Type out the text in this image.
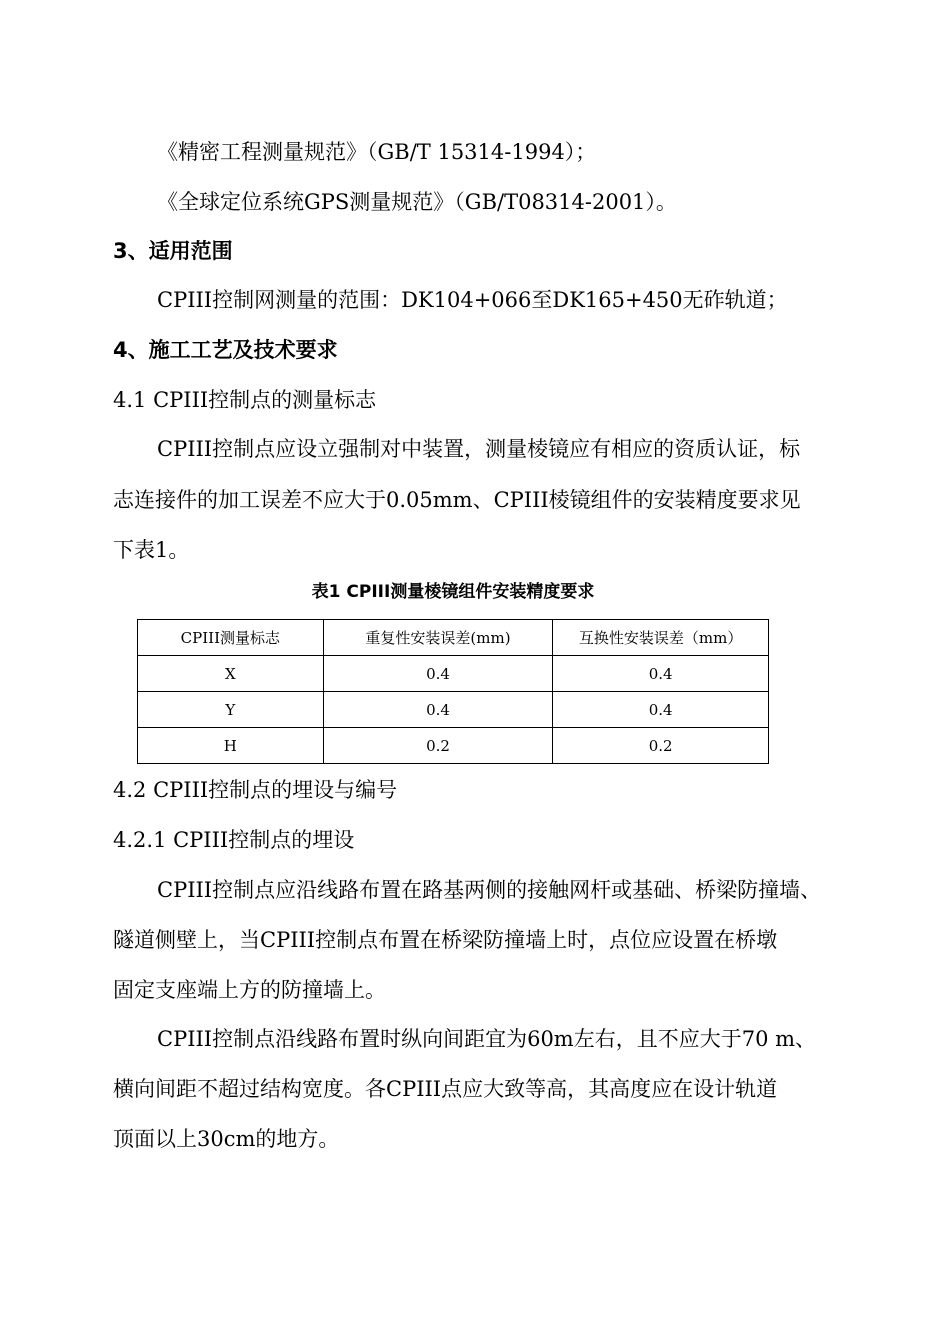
《精密工程测量规范》（GB/T 15314-1994）；
《全球定位系统GPS测量规范》（GB/T08314-2001）。
3、适用范围
CPIII控制网测量的范围：DK104+066至DK165+450无砟轨道；
4、施工工艺及技术要求
4.1 CPIII控制点的测量标志
CPIII控制点应设立强制对中装置，测量棱镜应有相应的资质认证，标
志连接件的加工误差不应大于0.05mm、CPIII棱镜组件的安装精度要求见
下表1。
表1 CPIII测量棱镜组件安装精度要求
CPIII测量标志	重复性安装误差(mm)	互换性安装误差（mm）
X	0.4	0.4
Y	0.4	0.4
H	0.2	0.2
4.2 CPIII控制点的埋设与编号
4.2.1 CPIII控制点的埋设
CPIII控制点应沿线路布置在路基两侧的接触网杆或基础、桥梁防撞墙、
隧道侧壁上，当CPIII控制点布置在桥梁防撞墙上时，点位应设置在桥墩
固定支座端上方的防撞墙上。
CPIII控制点沿线路布置时纵向间距宜为60m左右，且不应大于70 m、
横向间距不超过结构宽度。各CPIII点应大致等高，其高度应在设计轨道
顶面以上30cm的地方。
